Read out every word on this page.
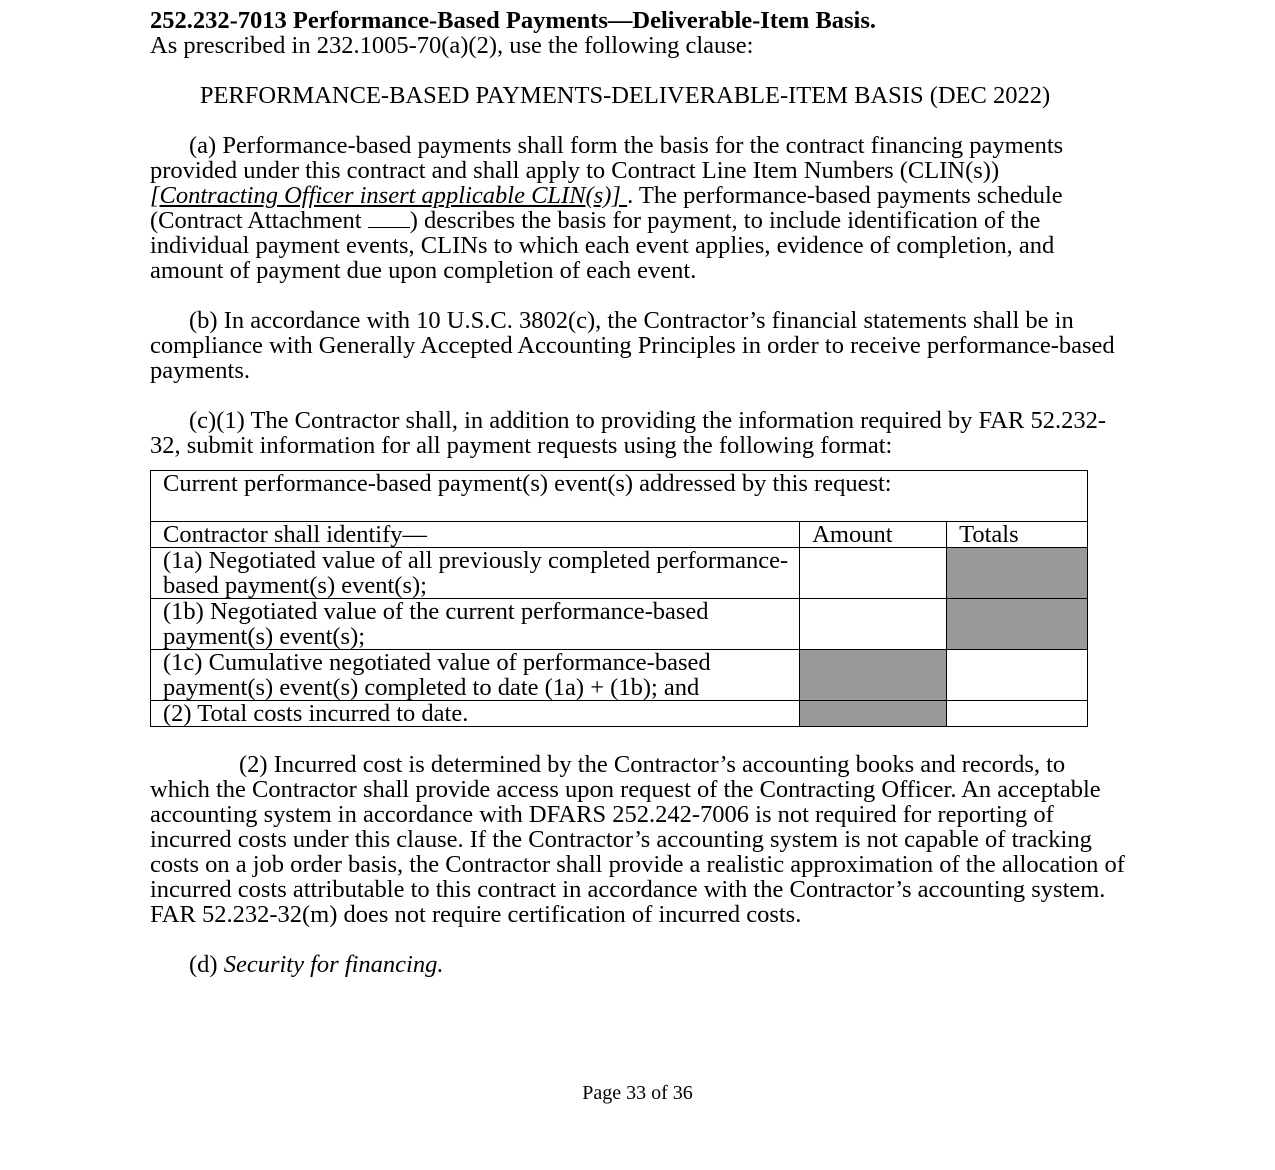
252.232-7013 Performance-Based Payments—Deliverable-Item Basis.

As prescribed in 232.1005-70(a)(2), use the following clause:

PERFORMANCE-BASED PAYMENTS-DELIVERABLE-ITEM BASIS (DEC 2022)

(a) Performance-based payments shall form the basis for the contract financing payments provided under this contract and shall apply to Contract Line Item Numbers (CLIN(s)) [Contracting Officer insert applicable CLIN(s)] . The performance-based payments schedule (Contract Attachment ) describes the basis for payment, to include identification of the individual payment events, CLINs to which each event applies, evidence of completion, and amount of payment due upon completion of each event.

(b) In accordance with 10 U.S.C. 3802(c), the Contractor’s financial statements shall be in compliance with Generally Accepted Accounting Principles in order to receive performance-based payments.

(c)(1) The Contractor shall, in addition to providing the information required by FAR 52.232-32, submit information for all payment requests using the following format:

Current performance-based payment(s) event(s) addressed by this request:		
Contractor shall identify—	Amount	Totals
(1a) Negotiated value of all previously completed performance-based payment(s) event(s);		
(1b) Negotiated value of the current performance-based payment(s) event(s);		
(1c) Cumulative negotiated value of performance-based payment(s) event(s) completed to date (1a) + (1b); and		
(2) Total costs incurred to date.		

(2) Incurred cost is determined by the Contractor’s accounting books and records, to which the Contractor shall provide access upon request of the Contracting Officer. An acceptable accounting system in accordance with DFARS 252.242-7006 is not required for reporting of incurred costs under this clause. If the Contractor’s accounting system is not capable of tracking costs on a job order basis, the Contractor shall provide a realistic approximation of the allocation of incurred costs attributable to this contract in accordance with the Contractor’s accounting system. FAR 52.232-32(m) does not require certification of incurred costs.

(d) Security for financing.

Page 33 of 36
